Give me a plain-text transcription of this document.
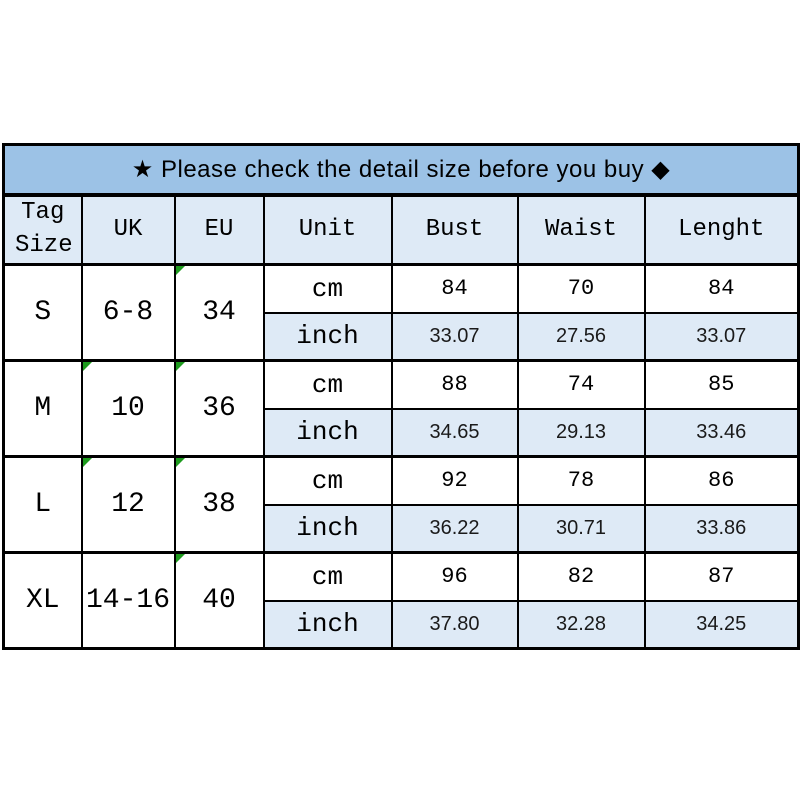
★ Please check the detail size before you buy ◆						
Tag Size	UK	EU	Unit	Bust	Waist	Lenght
S	6-8	34	cm	84	70	84
			inch	33.07	27.56	33.07
M	10	36	cm	88	74	85
			inch	34.65	29.13	33.46
L	12	38	cm	92	78	86
			inch	36.22	30.71	33.86
XL	14-16	40	cm	96	82	87
			inch	37.80	32.28	34.25
